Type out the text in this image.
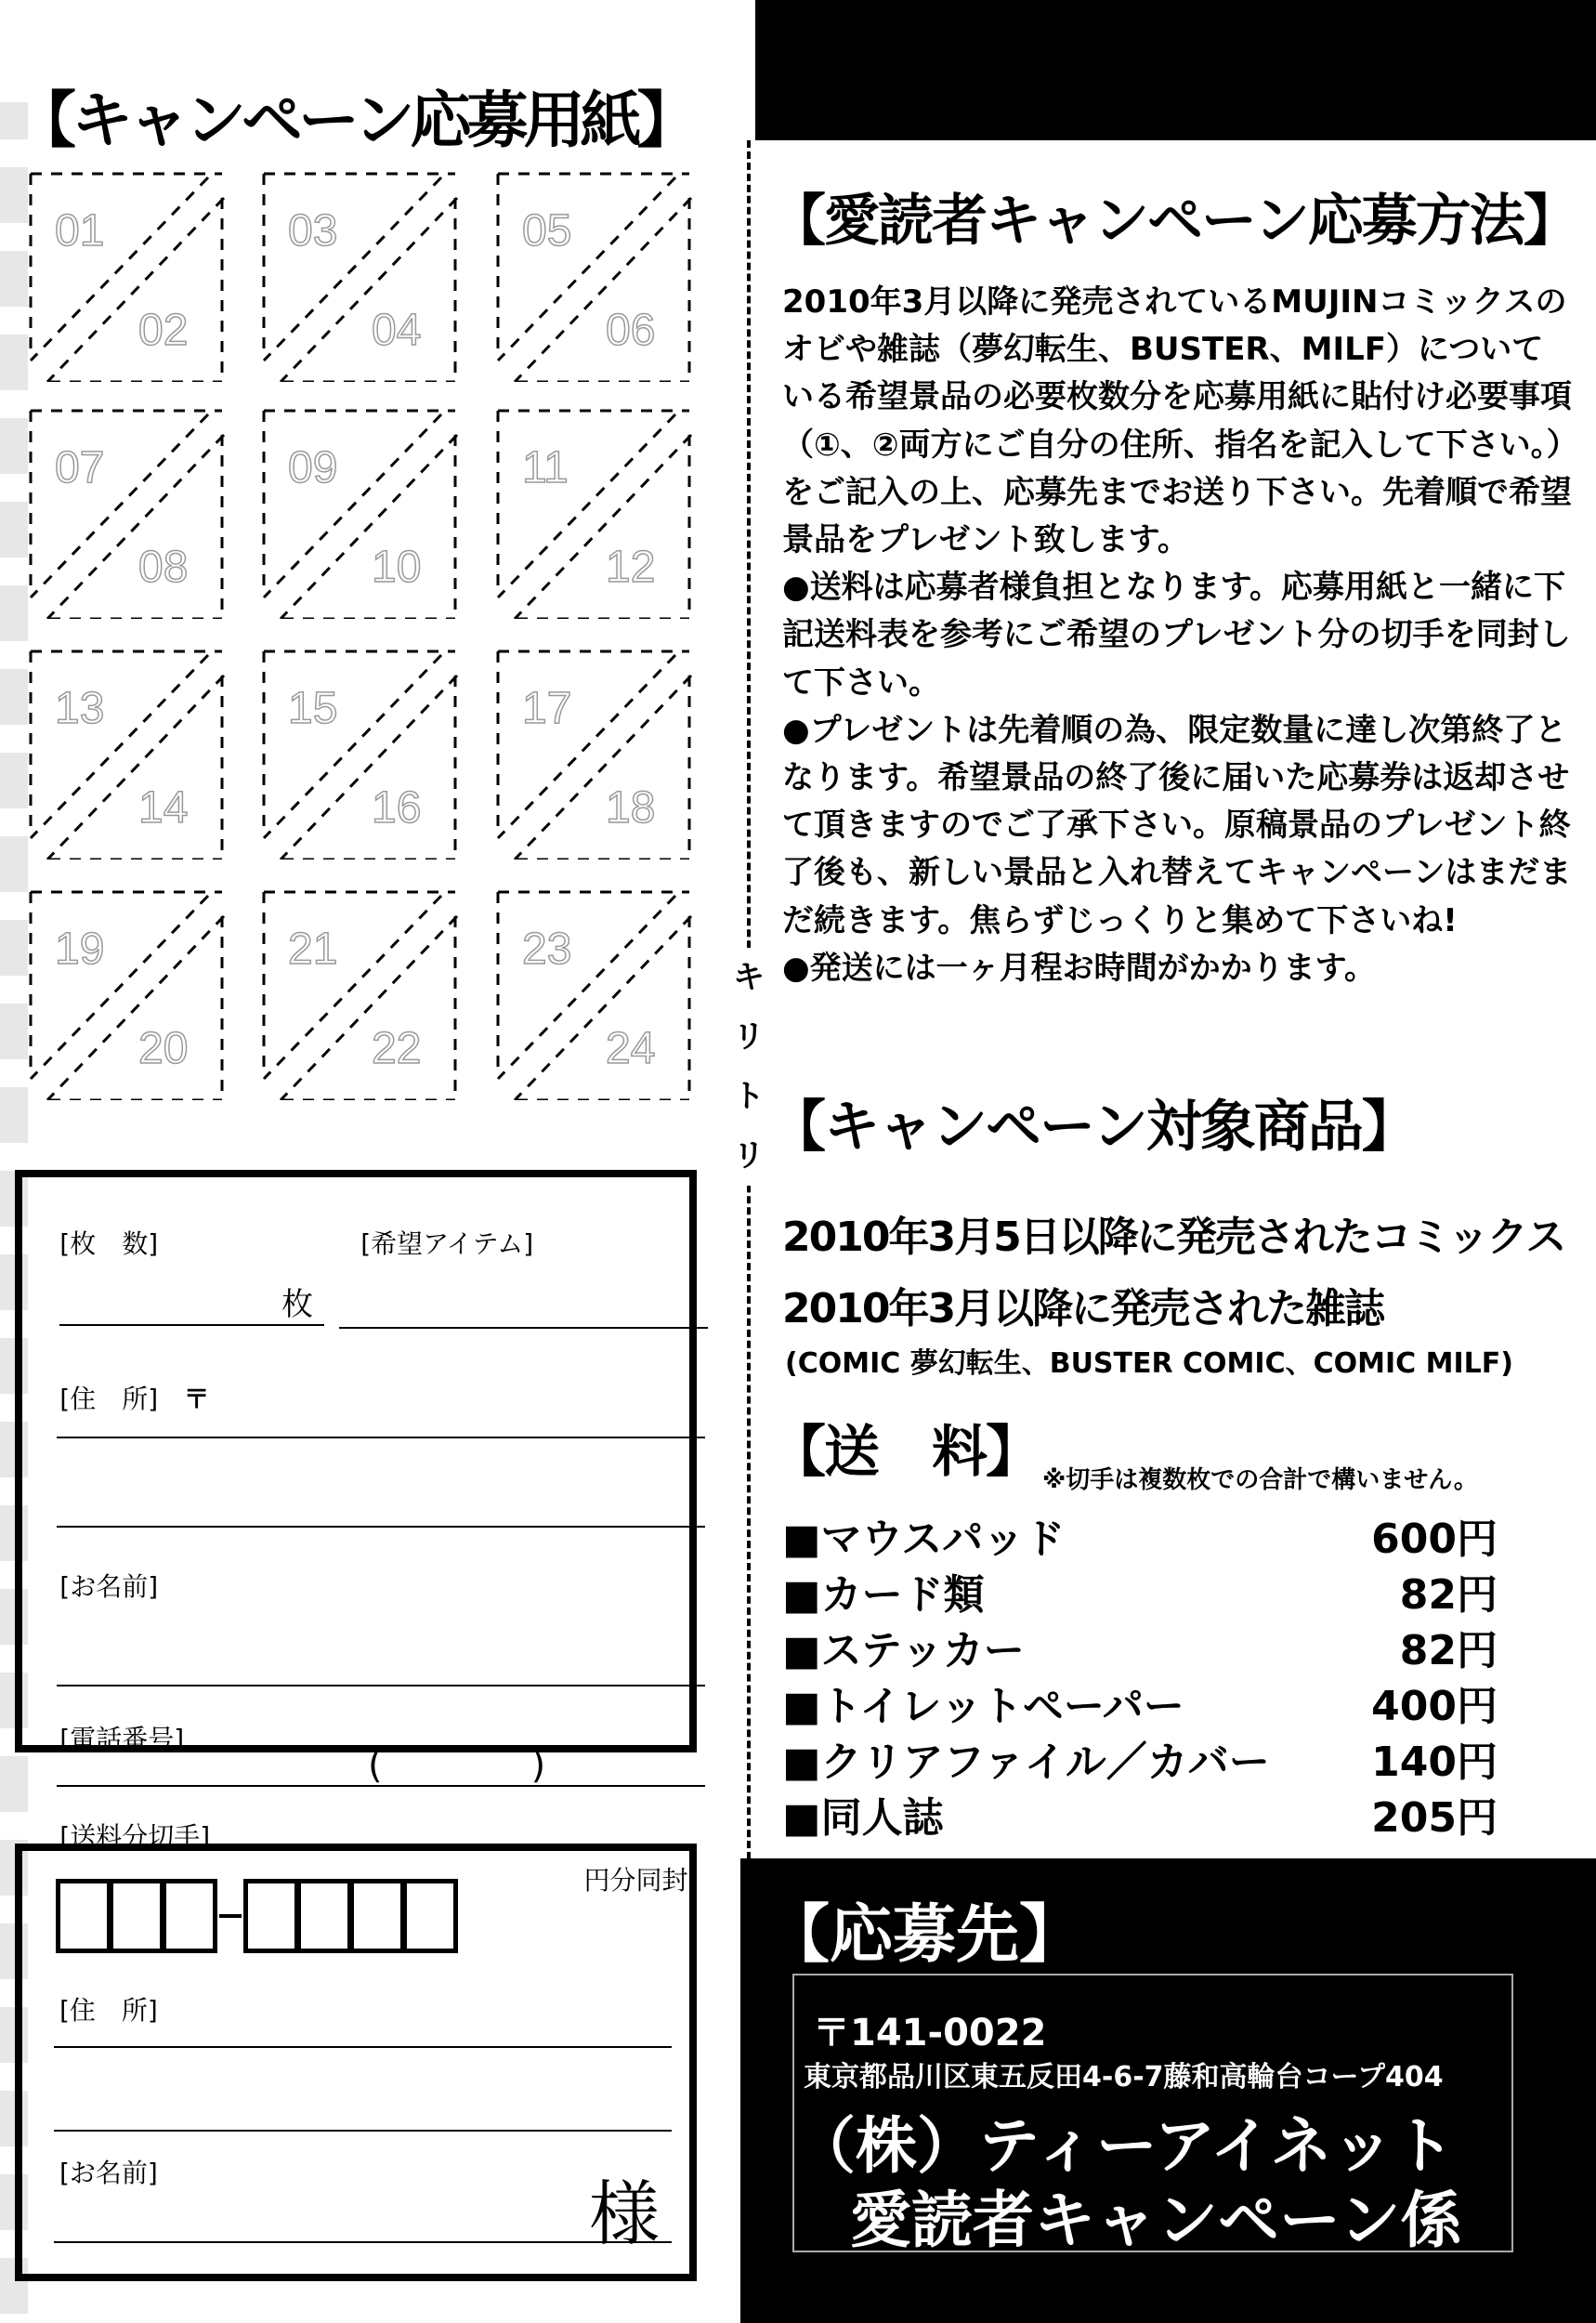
【キャンペーン応募用紙】
キ
リ
ト
リ
01
02
03
04
05
06
07
08
09
10
11
12
13
14
15
16
17
18
19
20
21
22
23
24
[枚　数]	[希望アイテム]
枚
[住　所] 〒
[お名前]
[電話番号]
(　　　　)
[送料分切手]
円分同封
[住　所]
[お名前]	様
【愛読者キャンペーン応募方法】
2010年3月以降に発売されているMUJINコミックスのオビや雑誌（夢幻転生、BUSTER、MILF）についている希望景品の必要枚数分を応募用紙に貼付け必要事項（①、②両方にご自分の住所、指名を記入して下さい。）をご記入の上、応募先までお送り下さい。先着順で希望景品をプレゼント致します。
●送料は応募者様負担となります。応募用紙と一緒に下記送料表を参考にご希望のプレゼント分の切手を同封して下さい。
●プレゼントは先着順の為、限定数量に達し次第終了となります。希望景品の終了後に届いた応募券は返却させて頂きますのでご了承下さい。原稿景品のプレゼント終了後も、新しい景品と入れ替えてキャンペーンはまだまだ続きます。焦らずじっくりと集めて下さいね!
●発送には一ヶ月程お時間がかかります。
【キャンペーン対象商品】
2010年3月5日以降に発売されたコミックス
2010年3月以降に発売された雑誌
(COMIC 夢幻転生、BUSTER COMIC、COMIC MILF)
【送　料】 ※切手は複数枚での合計で構いません。
■マウスパッド	600円
■カード類	82円
■ステッカー	82円
■トイレットペーパー	400円
■クリアファイル／カバー 140円
■同人誌	205円
【応募先】
〒141-0022
東京都品川区東五反田4-6-7藤和高輪台コープ404
（株）ティーアイネット
愛読者キャンペーン係
